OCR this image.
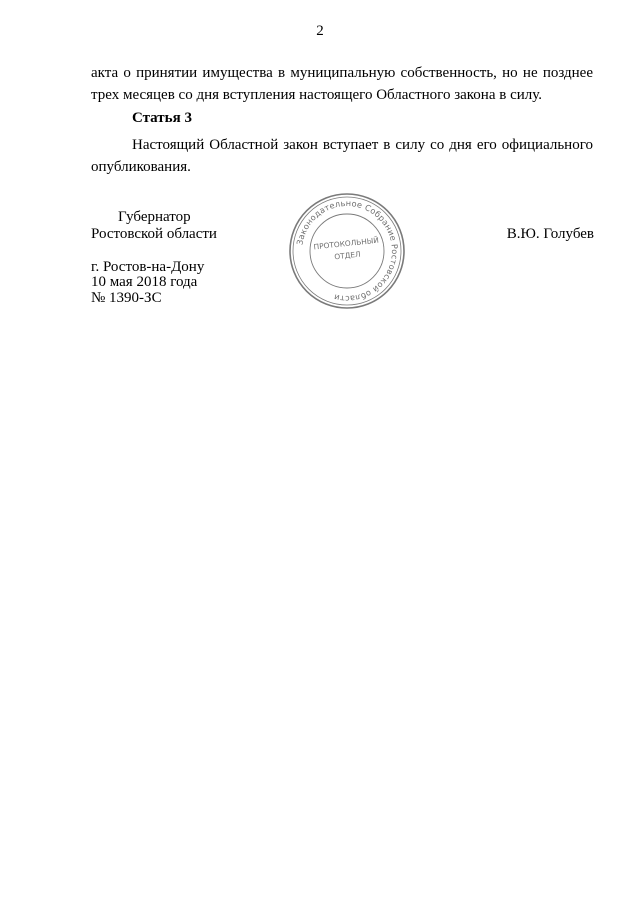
2
акта о принятии имущества в муниципальную собственность, но не позднее трех месяцев со дня вступления настоящего Областного закона в силу.
Статья 3
Настоящий Областной закон вступает в силу со дня его официального опубликования.
Губернатор
Ростовской области	В.Ю. Голубев
г. Ростов-на-Дону
10 мая 2018 года
№ 1390-ЗС
Законодательное Собрание Ростовской области
ПРОТОКОЛЬНЫЙ
ОТДЕЛ
